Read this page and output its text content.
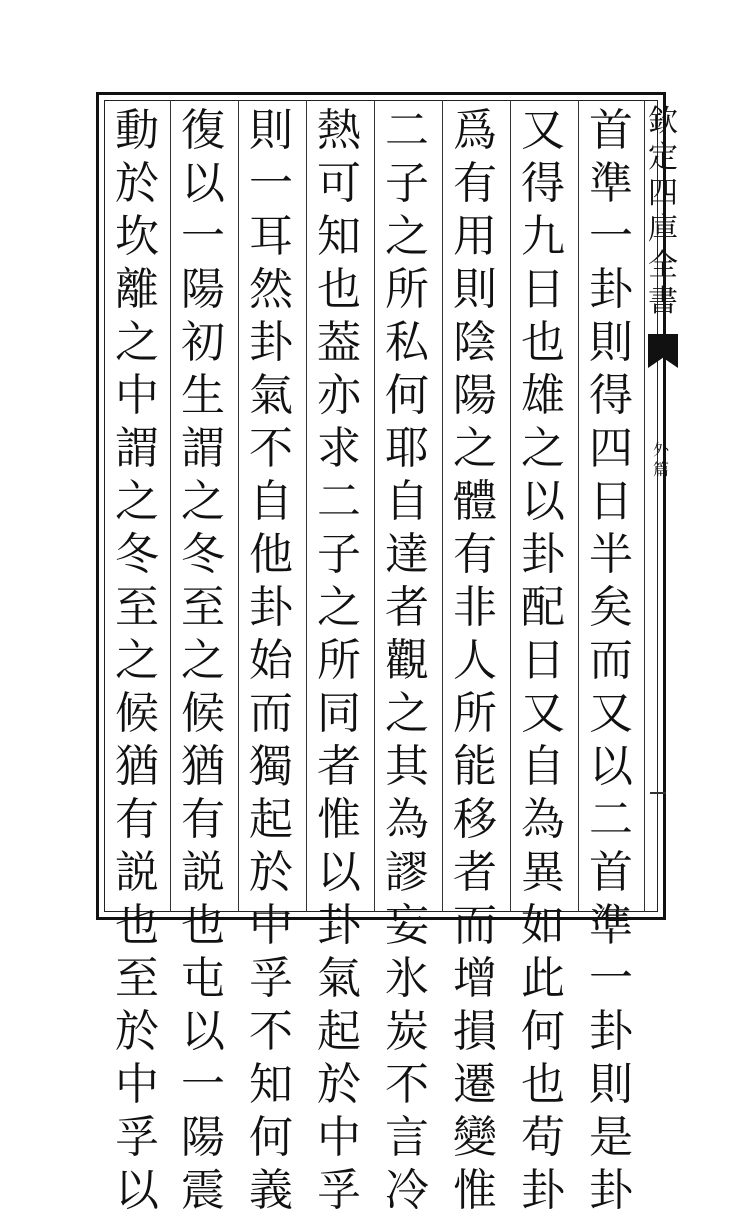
首
準
一
卦
則
得
四
日
半
矣
而
又
以
二
首
準
一
卦
則
是
卦
又
得
九
日
也
雄
之
以
卦
配
日
又
自
為
異
如
此
何
也
苟
卦
爲
有
用
則
陰
陽
之
體
有
非
人
所
能
移
者
而
增
損
遷
變
惟
二
子
之
所
私
何
耶
自
達
者
觀
之
其
為
謬
妄
氷
炭
不
言
冷
熱
可
知
也
葢
亦
求
二
子
之
所
同
者
惟
以
卦
氣
起
於
中
孚
則
一
耳
然
卦
氣
不
自
他
卦
始
而
獨
起
於
中
孚
不
知
何
義
復
以
一
陽
初
生
謂
之
冬
至
之
候
猶
有
説
也
屯
以
一
陽
震
動
於
坎
離
之
中
謂
之
冬
至
之
候
猶
有
説
也
至
於
中
孚
以
欽
定
四
庫
全
書
外
篇
